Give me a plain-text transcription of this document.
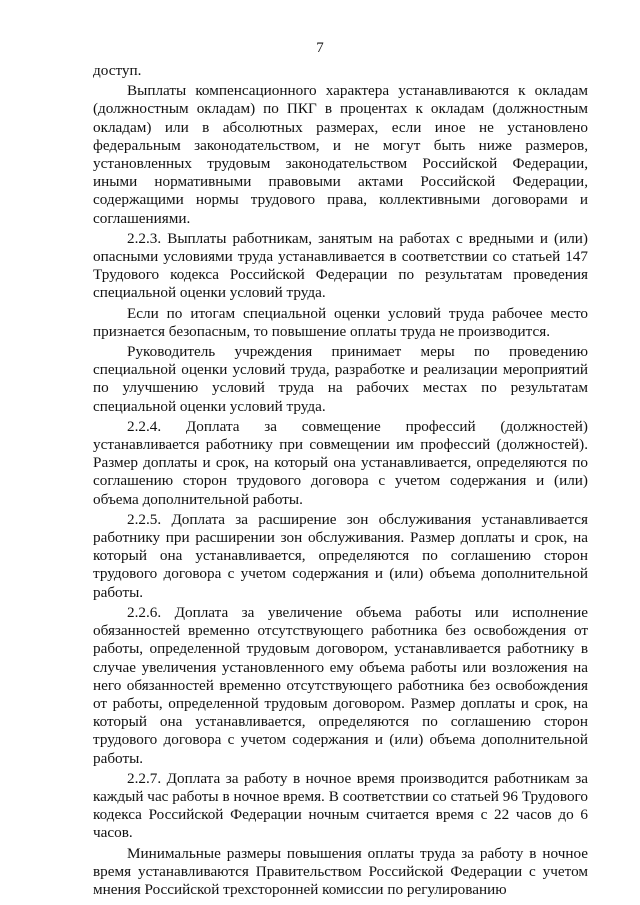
7

доступ.

Выплаты компенсационного характера устанавливаются к окладам (должностным окладам) по ПКГ в процентах к окладам (должностным окладам) или в абсолютных размерах, если иное не установлено федеральным законодательством, и не могут быть ниже размеров, установленных трудовым законодательством Российской Федерации, иными нормативными правовыми актами Российской Федерации, содержащими нормы трудового права, коллективными договорами и соглашениями.

2.2.3. Выплаты работникам, занятым на работах с вредными и (или) опасными условиями труда устанавливается в соответствии со статьей 147 Трудового кодекса Российской Федерации по результатам проведения специальной оценки условий труда.

Если по итогам специальной оценки условий труда рабочее место признается безопасным, то повышение оплаты труда не производится.

Руководитель учреждения принимает меры по проведению специальной оценки условий труда, разработке и реализации мероприятий по улучшению условий труда на рабочих местах по результатам специальной оценки условий труда.

2.2.4. Доплата за совмещение профессий (должностей) устанавливается работнику при совмещении им профессий (должностей). Размер доплаты и срок, на который она устанавливается, определяются по соглашению сторон трудового договора с учетом содержания и (или) объема дополнительной работы.

2.2.5. Доплата за расширение зон обслуживания устанавливается работнику при расширении зон обслуживания. Размер доплаты и срок, на который она устанавливается, определяются по соглашению сторон трудового договора с учетом содержания и (или) объема дополнительной работы.

2.2.6. Доплата за увеличение объема работы или исполнение обязанностей временно отсутствующего работника без освобождения от работы, определенной трудовым договором, устанавливается работнику в случае увеличения установленного ему объема работы или возложения на него обязанностей временно отсутствующего работника без освобождения от работы, определенной трудовым договором. Размер доплаты и срок, на который она устанавливается, определяются по соглашению сторон трудового договора с учетом содержания и (или) объема дополнительной работы.

2.2.7. Доплата за работу в ночное время производится работникам за каждый час работы в ночное время. В соответствии со статьей 96 Трудового кодекса Российской Федерации ночным считается время с 22 часов до 6 часов.

Минимальные размеры повышения оплаты труда за работу в ночное время устанавливаются Правительством Российской Федерации с учетом мнения Российской трехсторонней комиссии по регулированию
